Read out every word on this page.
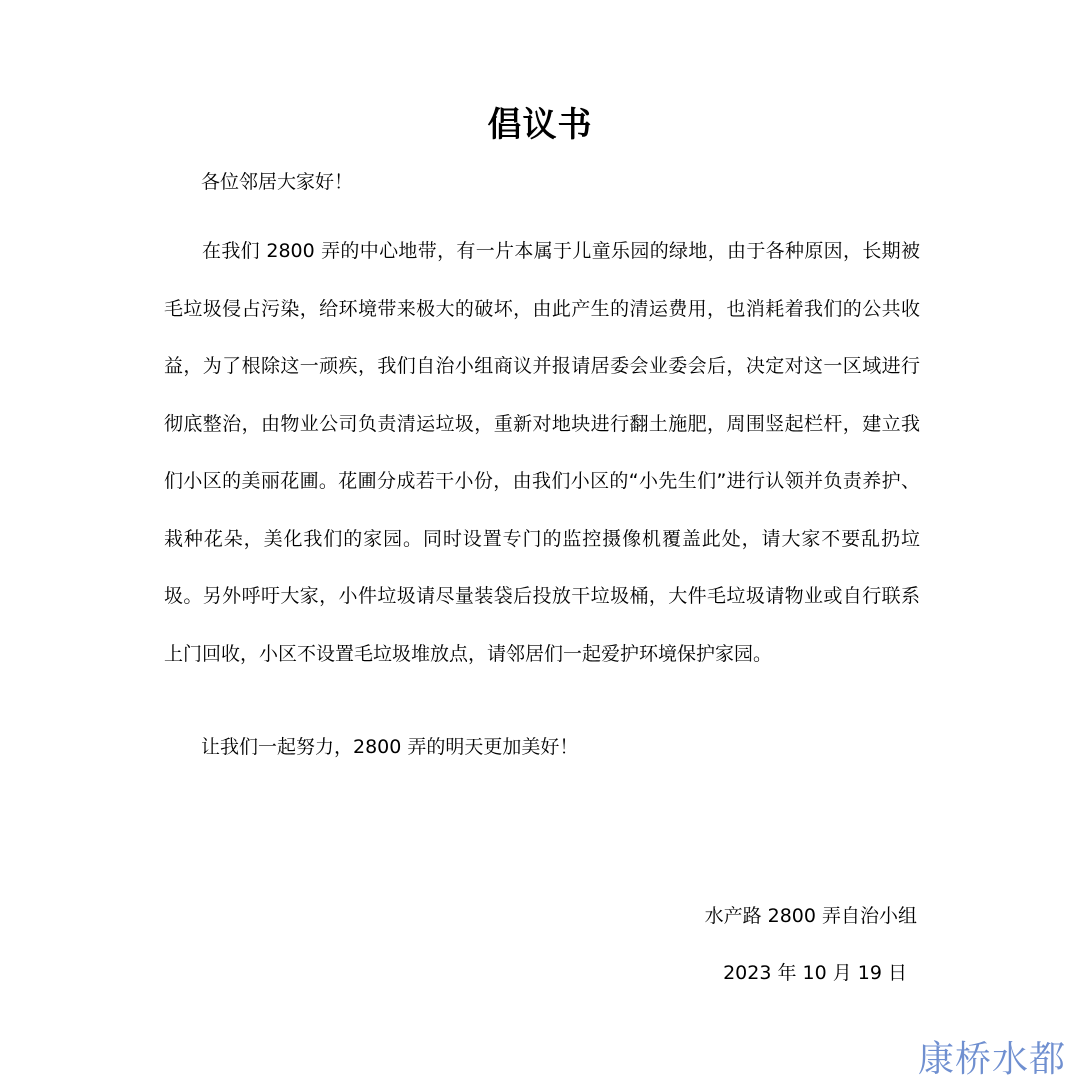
倡议书
各位邻居大家好！

在我们 2800 弄的中心地带，有一片本属于儿童乐园的绿地，由于各种原因，长期被毛垃圾侵占污染，给环境带来极大的破坏，由此产生的清运费用，也消耗着我们的公共收益，为了根除这一顽疾，我们自治小组商议并报请居委会业委会后，决定对这一区域进行彻底整治，由物业公司负责清运垃圾，重新对地块进行翻土施肥，周围竖起栏杆，建立我们小区的美丽花圃。花圃分成若干小份，由我们小区的“小先生们”进行认领并负责养护、栽种花朵，美化我们的家园。同时设置专门的监控摄像机覆盖此处，请大家不要乱扔垃圾。另外呼吁大家，小件垃圾请尽量装袋后投放干垃圾桶，大件毛垃圾请物业或自行联系上门回收，小区不设置毛垃圾堆放点，请邻居们一起爱护环境保护家园。

让我们一起努力，2800 弄的明天更加美好！
水产路 2800 弄自治小组
2023 年 10 月 19 日
康桥水都
